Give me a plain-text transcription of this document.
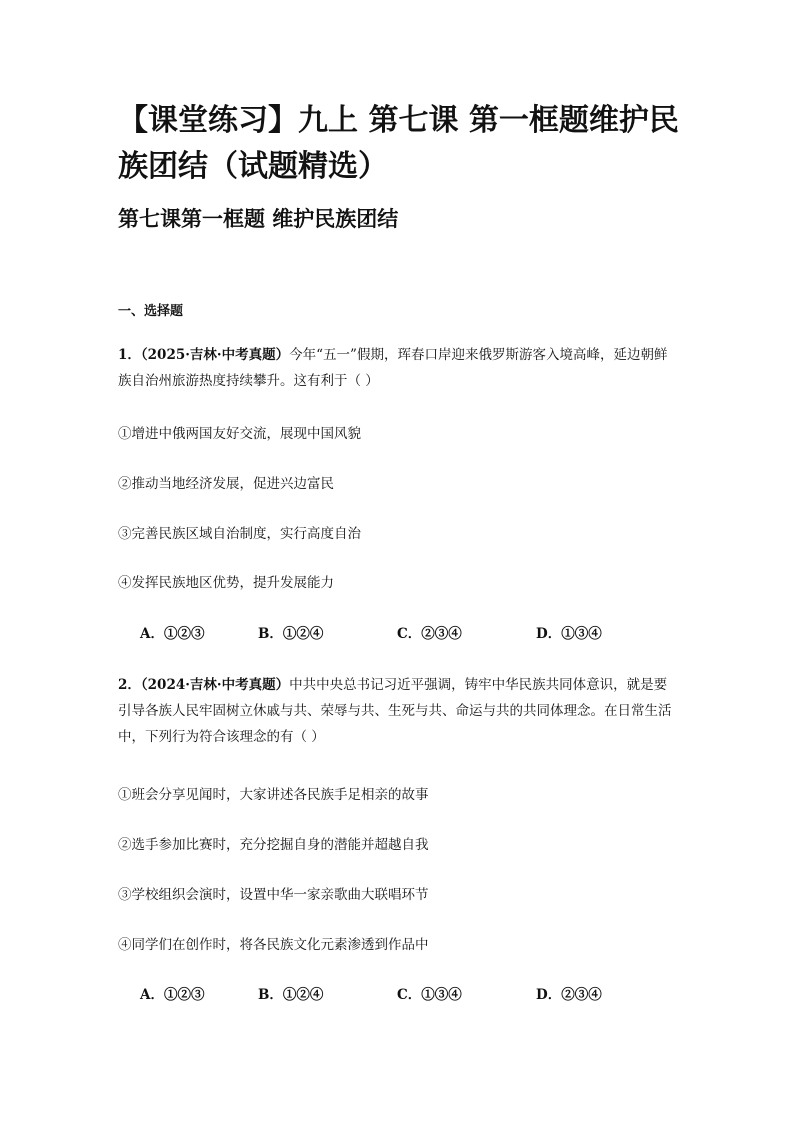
【课堂练习】九上 第七课 第一框题维护民族团结（试题精选）
第七课第一框题 维护民族团结
一、选择题
1．（2025·吉林·中考真题）今年“五一”假期，珲春口岸迎来俄罗斯游客入境高峰，延边朝鲜族自治州旅游热度持续攀升。这有利于（ ）
①增进中俄两国友好交流，展现中国风貌
②推动当地经济发展，促进兴边富民
③完善民族区域自治制度，实行高度自治
④发挥民族地区优势，提升发展能力
A．①②③	B．①②④	C．②③④	D．①③④
2．（2024·吉林·中考真题）中共中央总书记习近平强调，铸牢中华民族共同体意识，就是要引导各族人民牢固树立休戚与共、荣辱与共、生死与共、命运与共的共同体理念。在日常生活中，下列行为符合该理念的有（ ）
①班会分享见闻时，大家讲述各民族手足相亲的故事
②选手参加比赛时，充分挖掘自身的潜能并超越自我
③学校组织会演时，设置中华一家亲歌曲大联唱环节
④同学们在创作时，将各民族文化元素渗透到作品中
A．①②③	B．①②④	C．①③④	D．②③④
